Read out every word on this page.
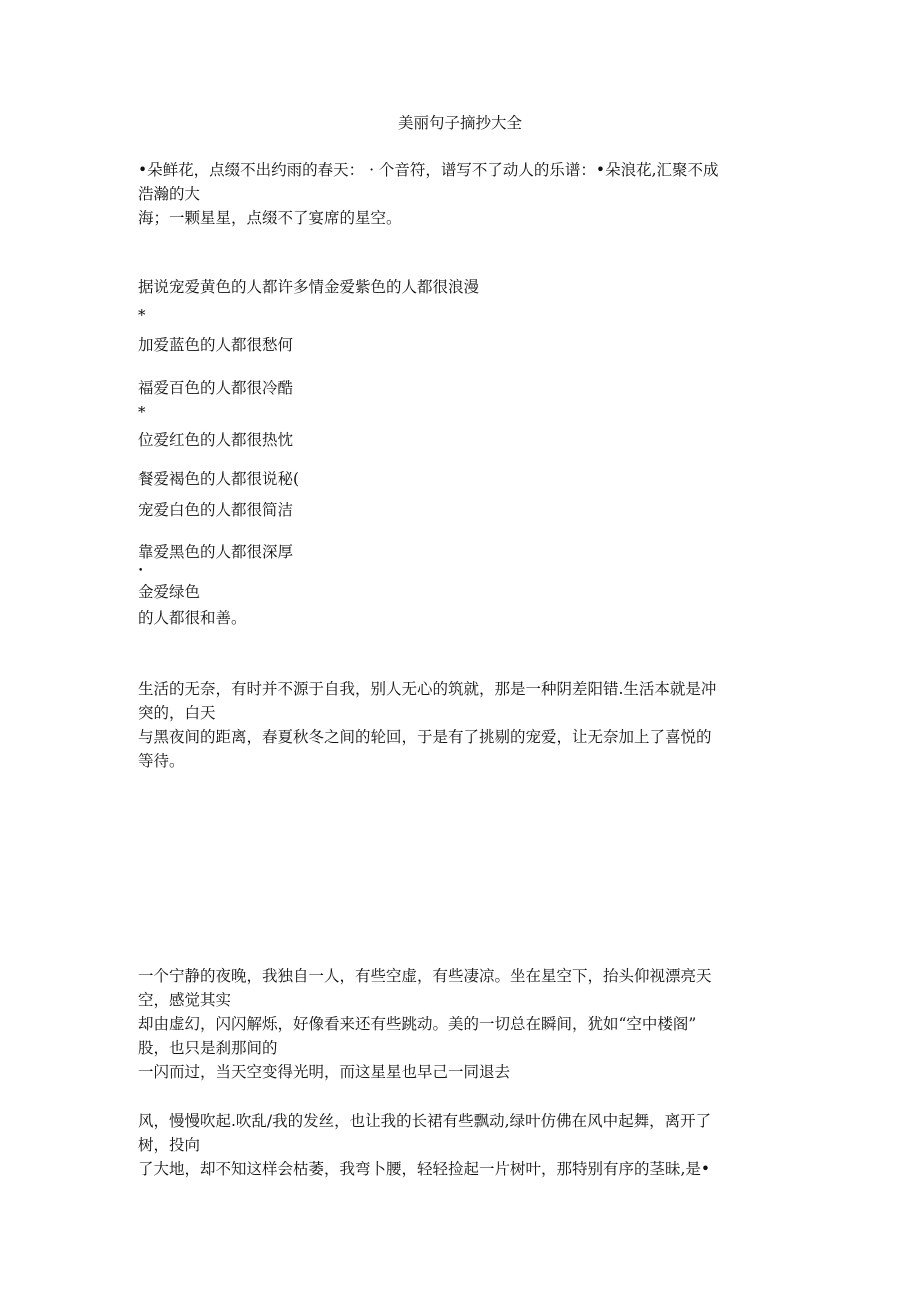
美丽句子摘抄大全

•朵鲜花，点缀不出约雨的春天： · 个音符，谱写不了动人的乐谱：•朵浪花,汇聚不成

浩瀚的大

海；一颗星星，点缀不了宴席的星空。

据说宠爱黄色的人都许多情金爱紫色的人都很浪漫

*

加爱蓝色的人都很愁何

福爱百色的人都很冷酷

*

位爱红色的人都很热忱

餐爱褐色的人都很说秘(

宠爱白色的人都很简洁

靠爱黑色的人都很深厚

•

金爱绿色

的人都很和善。

生活的无奈，有时并不源于自我，别人无心的筑就，那是一种阴差阳错.生活本就是冲

突的，白天

与黑夜间的距离，春夏秋冬之间的轮回，于是有了挑剔的宠爱，让无奈加上了喜悦的

等待。

一个宁静的夜晚，我独自一人，有些空虚，有些凄凉。坐在星空下，抬头仰视漂亮天

空，感觉其实

却由虚幻，闪闪解烁，好像看来还有些跳动。美的一切总在瞬间，犹如“空中楼阁”

股，也只是刹那间的

一闪而过，当天空变得光明，而这星星也早己一同退去

风，慢慢吹起.吹乱/我的发丝，也让我的长裙有些飘动,绿叶仿佛在风中起舞，离开了

树，投向

了大地，却不知这样会枯萎，我弯卜腰，轻轻捡起一片树叶，那特别有序的茎昧,是•
